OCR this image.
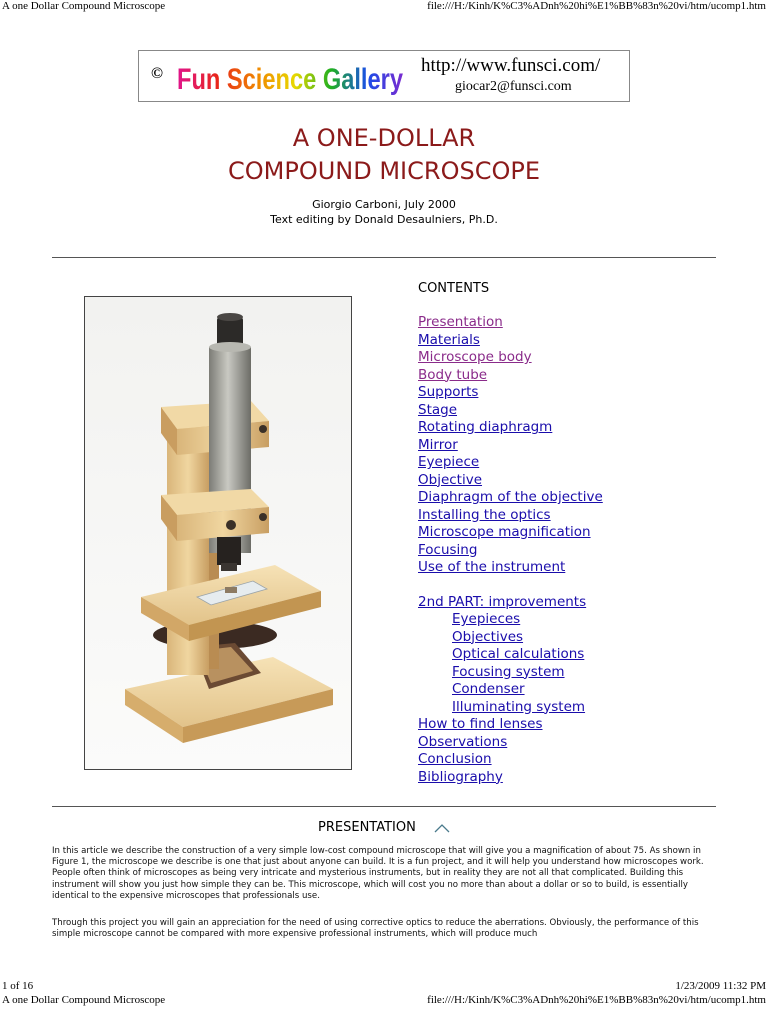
A one Dollar Compound Microscope	file:///H:/Kinh/K%C3%ADnh%20hi%E1%BB%83n%20vi/htm/ucomp1.htm
© Fun Science Gallery http://www.funsci.com/
giocar2@funsci.com
A ONE-DOLLAR
COMPOUND MICROSCOPE
Giorgio Carboni, July 2000
Text editing by Donald Desaulniers, Ph.D.
CONTENTS
Presentation
Materials
Microscope body
Body tube
Supports
Stage
Rotating diaphragm
Mirror
Eyepiece
Objective
Diaphragm of the objective
Installing the optics
Microscope magnification
Focusing
Use of the instrument
2nd PART: improvements
Eyepieces
Objectives
Optical calculations
Focusing system
Condenser
Illuminating system
How to find lenses
Observations
Conclusion
Bibliography
PRESENTATION
In this article we describe the construction of a very simple low-cost compound microscope that will give you a magnification of about 75. As shown in Figure 1, the microscope we describe is one that just about anyone can build. It is a fun project, and it will help you understand how microscopes work. People often think of microscopes as being very intricate and mysterious instruments, but in reality they are not all that complicated. Building this instrument will show you just how simple they can be. This microscope, which will cost you no more than about a dollar or so to build, is essentially identical to the expensive microscopes that professionals use.
Through this project you will gain an appreciation for the need of using corrective optics to reduce the aberrations. Obviously, the performance of this simple microscope cannot be compared with more expensive professional instruments, which will produce much
1 of 16	1/23/2009 11:32 PM
A one Dollar Compound Microscope	file:///H:/Kinh/K%C3%ADnh%20hi%E1%BB%83n%20vi/htm/ucomp1.htm
